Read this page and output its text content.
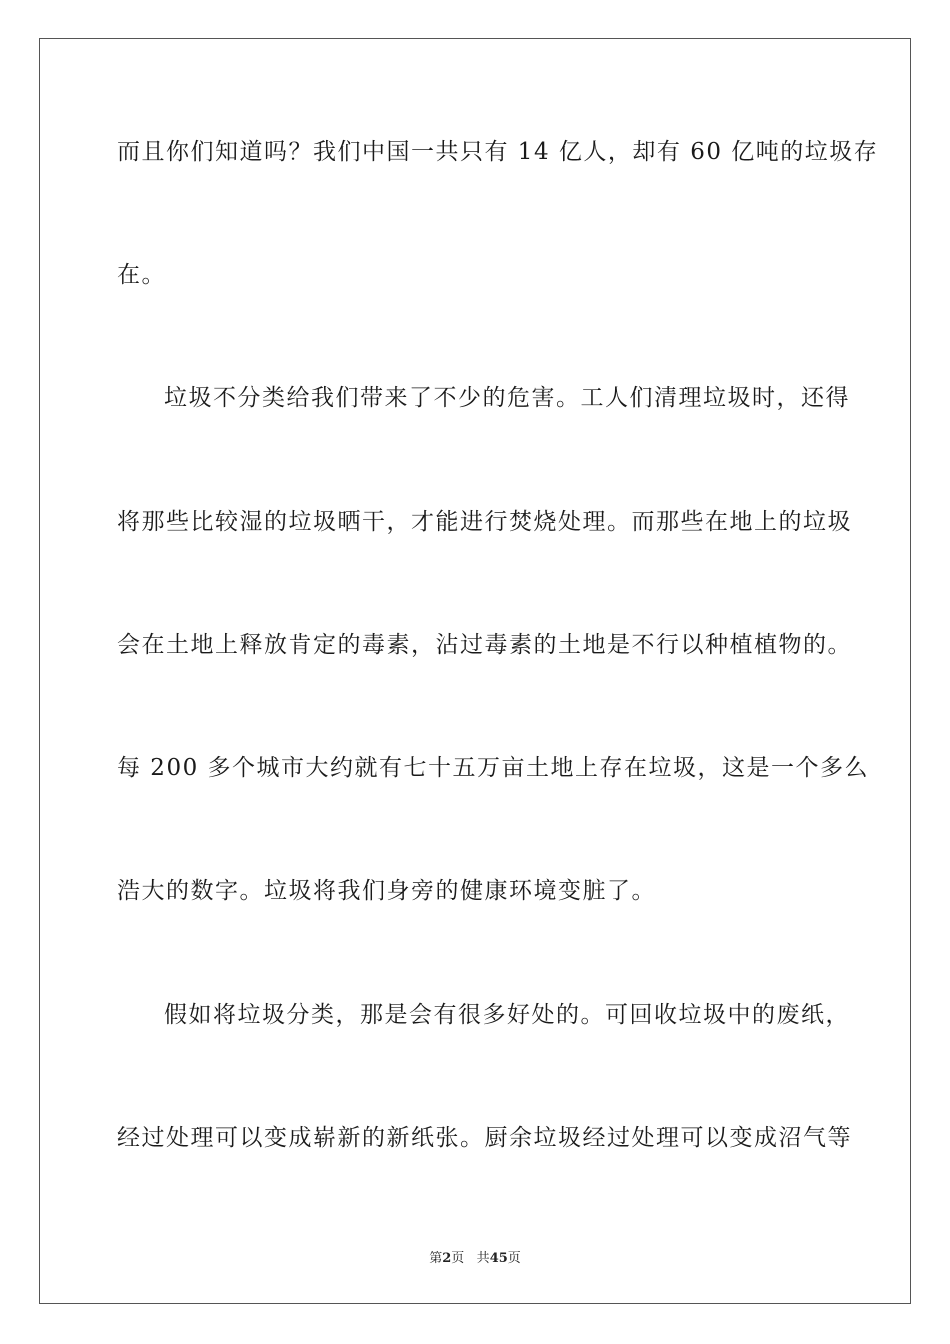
而且你们知道吗？我们中国一共只有 14 亿人，却有 60 亿吨的垃圾存
在。
垃圾不分类给我们带来了不少的危害。工人们清理垃圾时，还得
将那些比较湿的垃圾晒干，才能进行焚烧处理。而那些在地上的垃圾
会在土地上释放肯定的毒素，沾过毒素的土地是不行以种植植物的。
每 200 多个城市大约就有七十五万亩土地上存在垃圾，这是一个多么
浩大的数字。垃圾将我们身旁的健康环境变脏了。
假如将垃圾分类，那是会有很多好处的。可回收垃圾中的废纸，
经过处理可以变成崭新的新纸张。厨余垃圾经过处理可以变成沼气等
第2页 共45页
